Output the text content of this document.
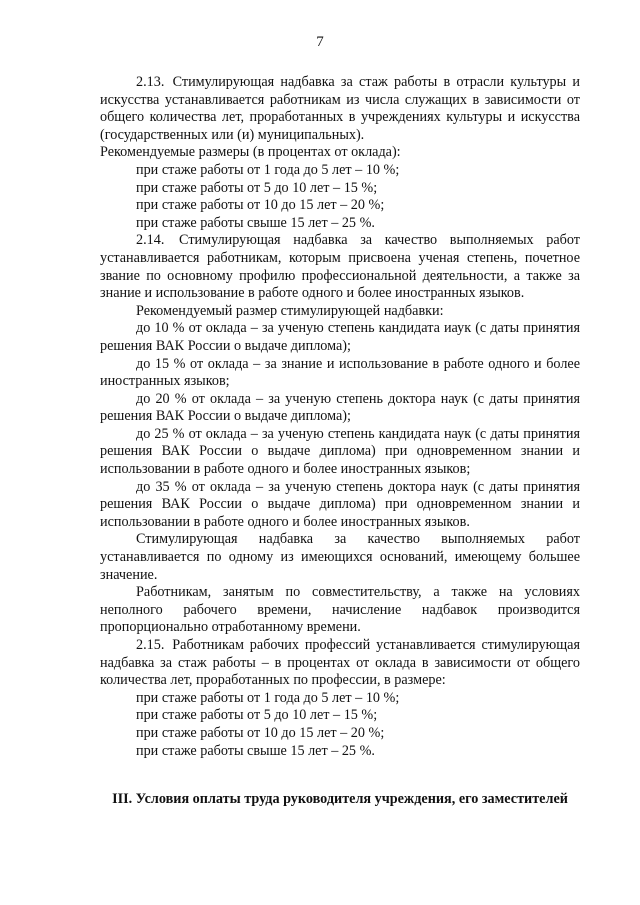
7

2.13. Стимулирующая надбавка за стаж работы в отрасли культуры и искусства устанавливается работникам из числа служащих в зависимости от общего количества лет, проработанных в учреждениях культуры и искусства (государственных или (и) муниципальных).

Рекомендуемые размеры (в процентах от оклада):

при стаже работы от 1 года до 5 лет – 10 %;

при стаже работы от 5 до 10 лет – 15 %;

при стаже работы от 10 до 15 лет – 20 %;

при стаже работы свыше 15 лет – 25 %.

2.14. Стимулирующая надбавка за качество выполняемых работ устанавливается работникам, которым присвоена ученая степень, почетное звание по основному профилю профессиональной деятельности, а также за знание и использование в работе одного и более иностранных языков.

Рекомендуемый размер стимулирующей надбавки:

до 10 % от оклада – за ученую степень кандидата иаук (с даты принятия решения ВАК России о выдаче диплома);

до 15 % от оклада – за знание и использование в работе одного и более иностранных языков;

до 20 % от оклада – за ученую степень доктора наук (с даты принятия решения ВАК России о выдаче диплома);

до 25 % от оклада – за ученую степень кандидата наук (с даты принятия решения ВАК России о выдаче диплома) при одновременном знании и использовании в работе одного и более иностранных языков;

до 35 % от оклада – за ученую степень доктора наук (с даты принятия решения ВАК России о выдаче диплома) при одновременном знании и использовании в работе одного и более иностранных языков.

Стимулирующая надбавка за качество выполняемых работ устанавливается по одному из имеющихся оснований, имеющему большее значение.

Работникам, занятым по совместительству, а также на условиях неполного рабочего времени, начисление надбавок производится пропорционально отработанному времени.

2.15. Работникам рабочих профессий устанавливается стимулирующая надбавка за стаж работы – в процентах от оклада в зависимости от общего количества лет, проработанных по профессии, в размере:

при стаже работы от 1 года до 5 лет – 10 %;

при стаже работы от 5 до 10 лет – 15 %;

при стаже работы от 10 до 15 лет – 20 %;

при стаже работы свыше 15 лет – 25 %.

III. Условия оплаты труда руководителя учреждения, его заместителей
